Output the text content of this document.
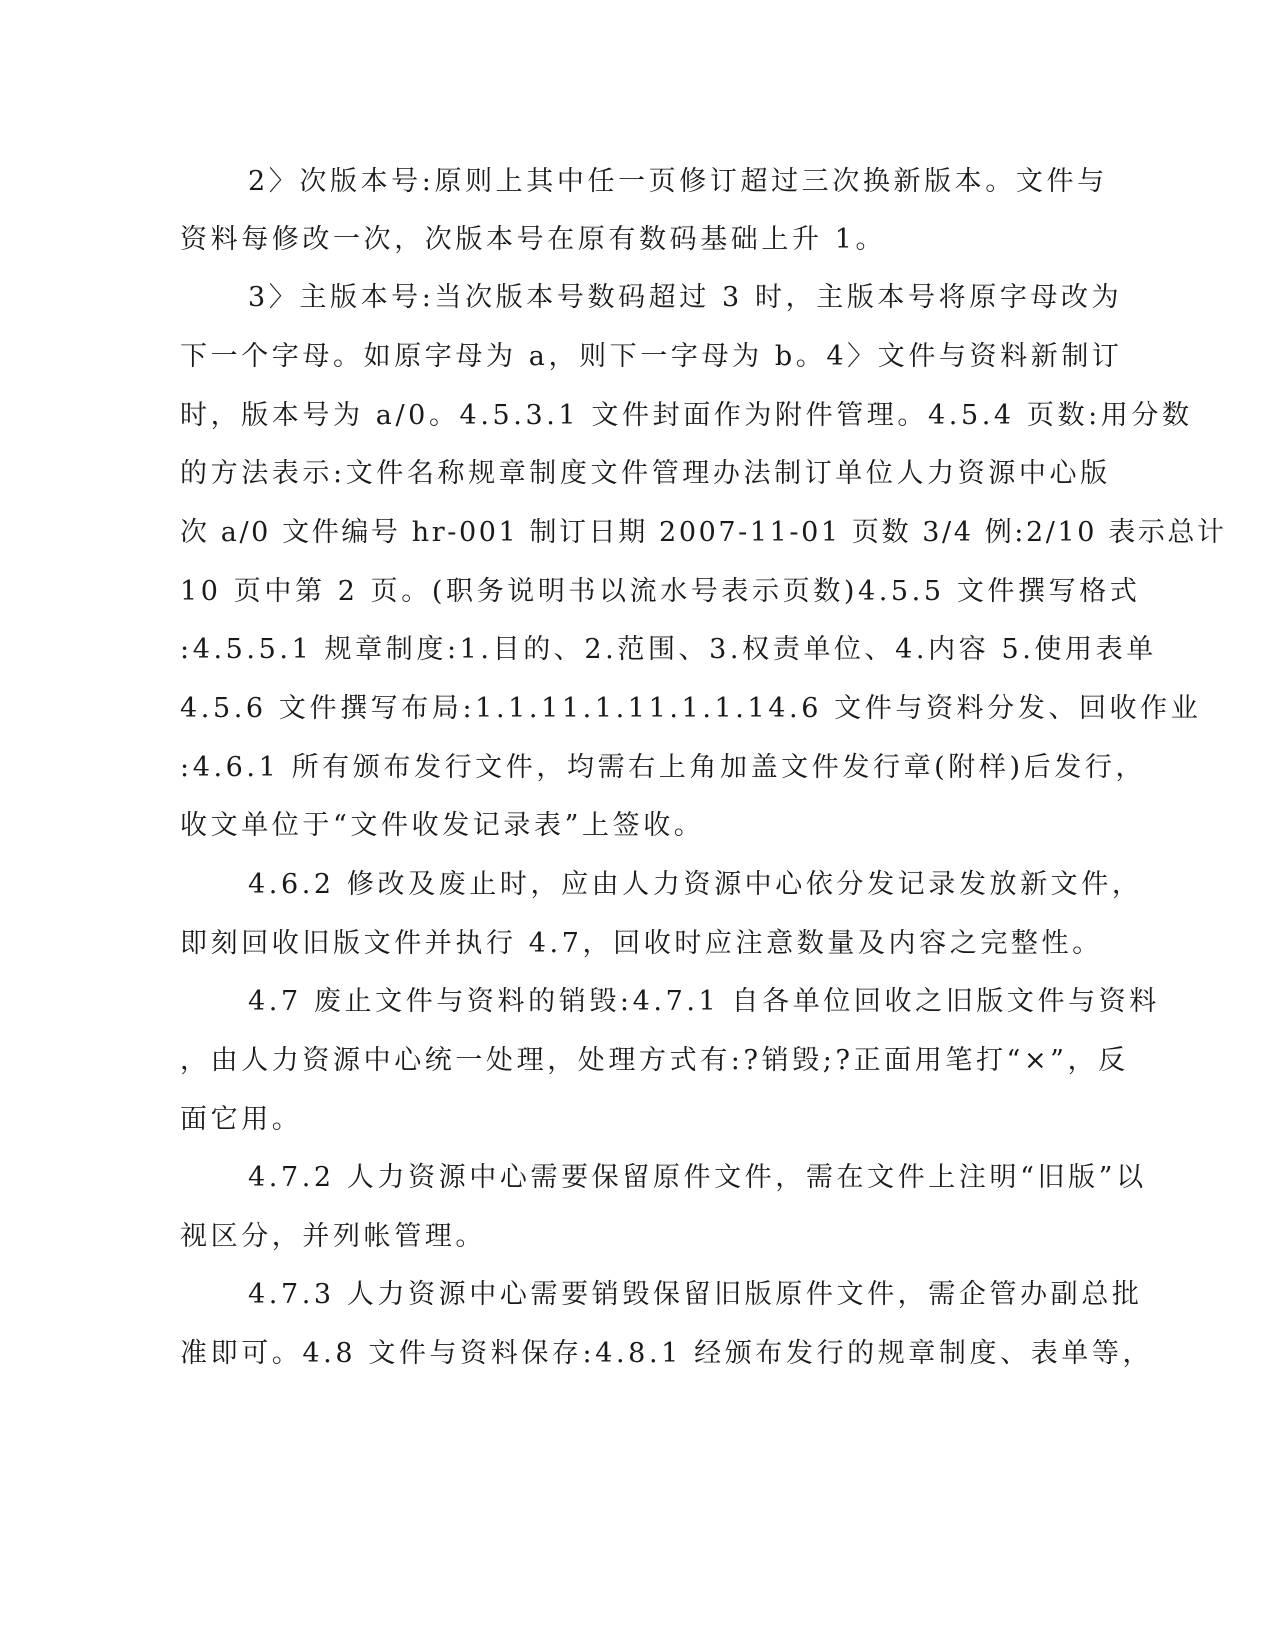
2〉次版本号:原则上其中任一页修订超过三次换新版本。文件与
资料每修改一次，次版本号在原有数码基础上升 1。
3〉主版本号:当次版本号数码超过 3 时，主版本号将原字母改为
下一个字母。如原字母为 a，则下一字母为 b。4〉文件与资料新制订
时，版本号为 a/0。4.5.3.1 文件封面作为附件管理。4.5.4 页数:用分数
的方法表示:文件名称规章制度文件管理办法制订单位人力资源中心版
次 a/0 文件编号 hr-001 制订日期 2007-11-01 页数 3/4 例:2/10 表示总计
10 页中第 2 页。(职务说明书以流水号表示页数)4.5.5 文件撰写格式
:4.5.5.1 规章制度:1.目的、2.范围、3.权责单位、4.内容 5.使用表单
4.5.6 文件撰写布局:1.1.11.1.11.1.1.14.6 文件与资料分发、回收作业
:4.6.1 所有颁布发行文件，均需右上角加盖文件发行章(附样)后发行，
收文单位于“文件收发记录表”上签收。
4.6.2 修改及废止时，应由人力资源中心依分发记录发放新文件，
即刻回收旧版文件并执行 4.7，回收时应注意数量及内容之完整性。
4.7 废止文件与资料的销毁:4.7.1 自各单位回收之旧版文件与资料
，由人力资源中心统一处理，处理方式有:?销毁;?正面用笔打“×”，反
面它用。
4.7.2 人力资源中心需要保留原件文件，需在文件上注明“旧版”以
视区分，并列帐管理。
4.7.3 人力资源中心需要销毁保留旧版原件文件，需企管办副总批
准即可。4.8 文件与资料保存:4.8.1 经颁布发行的规章制度、表单等，
